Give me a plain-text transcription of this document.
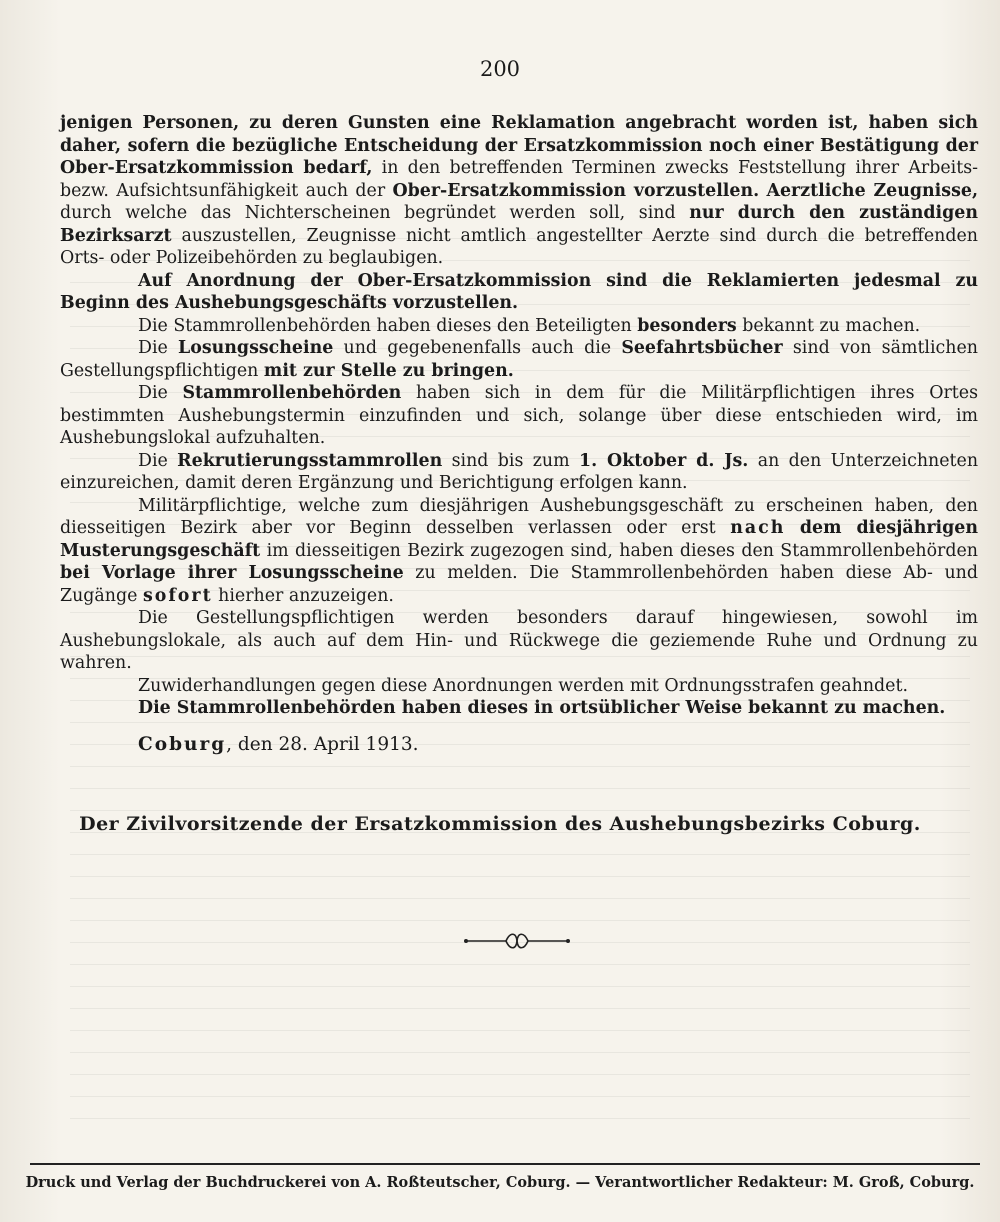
200

jenigen Personen, zu deren Gunsten eine Reklamation angebracht worden ist, haben sich daher, sofern die bezügliche Entscheidung der Ersatzkommission noch einer Bestätigung der Ober-Ersatzkommission bedarf, in den betreffenden Terminen zwecks Feststellung ihrer Arbeits- bezw. Aufsichtsunfähigkeit auch der Ober-Ersatzkommission vorzustellen. Aerztliche Zeugnisse, durch welche das Nichterscheinen begründet werden soll, sind nur durch den zuständigen Bezirksarzt auszustellen, Zeugnisse nicht amtlich angestellter Aerzte sind durch die betreffenden Orts- oder Polizeibehörden zu beglaubigen.

Auf Anordnung der Ober-Ersatzkommission sind die Reklamierten jedesmal zu Beginn des Aushebungsgeschäfts vorzustellen.

Die Stammrollenbehörden haben dieses den Beteiligten besonders bekannt zu machen.

Die Losungsscheine und gegebenenfalls auch die Seefahrtsbücher sind von sämtlichen Gestellungspflichtigen mit zur Stelle zu bringen.

Die Stammrollenbehörden haben sich in dem für die Militärpflichtigen ihres Ortes bestimmten Aushebungstermin einzufinden und sich, solange über diese entschieden wird, im Aushebungslokal aufzuhalten.

Die Rekrutierungsstammrollen sind bis zum 1. Oktober d. Js. an den Unterzeichneten einzureichen, damit deren Ergänzung und Berichtigung erfolgen kann.

Militärpflichtige, welche zum diesjährigen Aushebungsgeschäft zu erscheinen haben, den diesseitigen Bezirk aber vor Beginn desselben verlassen oder erst nach dem diesjährigen Musterungsgeschäft im diesseitigen Bezirk zugezogen sind, haben dieses den Stammrollenbehörden bei Vorlage ihrer Losungsscheine zu melden. Die Stammrollenbehörden haben diese Ab- und Zugänge sofort hierher anzuzeigen.

Die Gestellungspflichtigen werden besonders darauf hingewiesen, sowohl im Aushebungslokale, als auch auf dem Hin- und Rückwege die geziemende Ruhe und Ordnung zu wahren.

Zuwiderhandlungen gegen diese Anordnungen werden mit Ordnungsstrafen geahndet.

Die Stammrollenbehörden haben dieses in ortsüblicher Weise bekannt zu machen.

Coburg, den 28. April 1913.
Der Zivilvorsitzende der Ersatzkommission des Aushebungsbezirks Coburg.
Druck und Verlag der Buchdruckerei von A. Roßteutscher, Coburg. — Verantwortlicher Redakteur: M. Groß, Coburg.
